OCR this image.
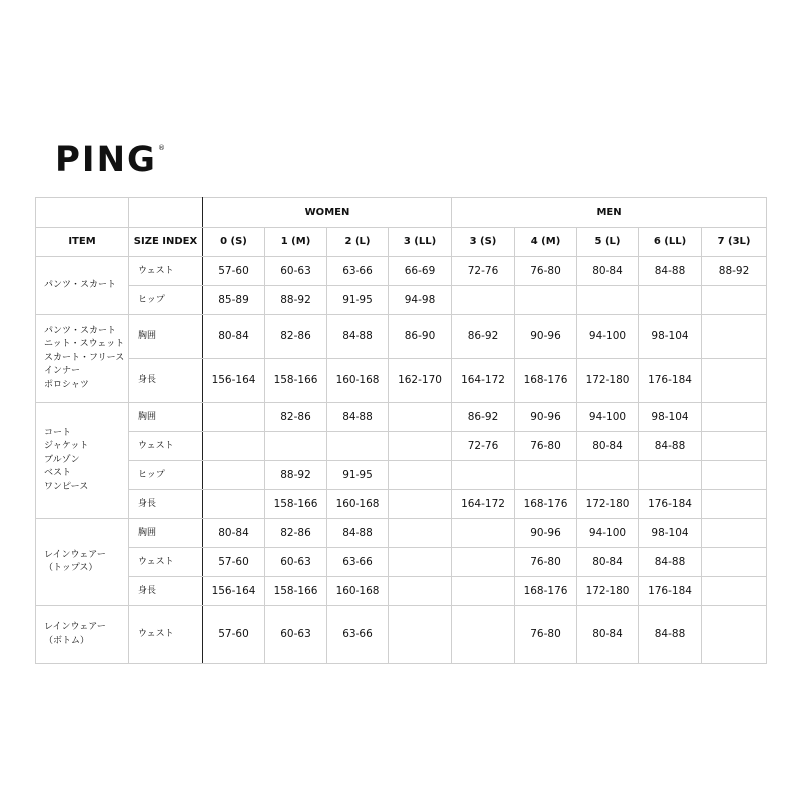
PING®
		WOMEN				MEN				
ITEM	SIZE INDEX	0 (S)	1 (M)	2 (L)	3 (LL)	3 (S)	4 (M)	5 (L)	6 (LL)	7 (3L)

パンツ・スカート	ウェスト	57-60	60-63	63-66	66-69	72-76	76-80	80-84	84-88	88-92
	ヒップ	85-89	88-92	91-95	94-98					

パンツ・スカート
ニット・スウェット
スカート・フリース
インナー
ポロシャツ	胸囲	80-84	82-86	84-88	86-90	86-92	90-96	94-100	98-104	
	身長	156-164	158-166	160-168	162-170	164-172	168-176	172-180	176-184	

コート
ジャケット
ブルゾン
ベスト
ワンピース	胸囲		82-86	84-88		86-92	90-96	94-100	98-104	
	ウェスト					72-76	76-80	80-84	84-88	
	ヒップ		88-92	91-95						
	身長		158-166	160-168		164-172	168-176	172-180	176-184	

レインウェアー
（トップス）	胸囲	80-84	82-86	84-88			90-96	94-100	98-104	
	ウェスト	57-60	60-63	63-66			76-80	80-84	84-88	
	身長	156-164	158-166	160-168			168-176	172-180	176-184	

レインウェアー
（ボトム）	ウェスト	57-60	60-63	63-66			76-80	80-84	84-88	
